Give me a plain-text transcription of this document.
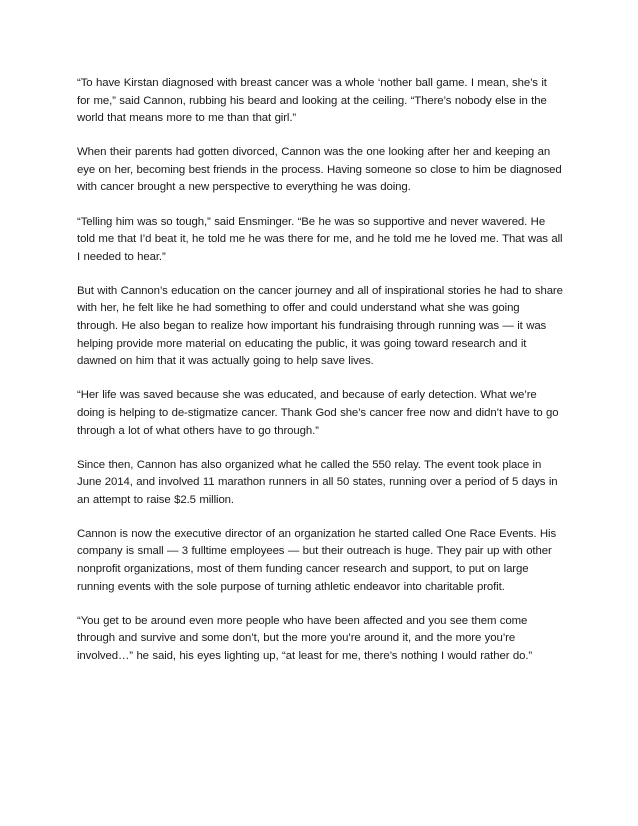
“To have Kirstan diagnosed with breast cancer was a whole ‘nother ball game. I mean, she’s it for me,” said Cannon, rubbing his beard and looking at the ceiling. “There’s nobody else in the world that means more to me than that girl.”

When their parents had gotten divorced, Cannon was the one looking after her and keeping an eye on her, becoming best friends in the process. Having someone so close to him be diagnosed with cancer brought a new perspective to everything he was doing.

“Telling him was so tough,” said Ensminger. “Be he was so supportive and never wavered. He told me that I’d beat it, he told me he was there for me, and he told me he loved me. That was all I needed to hear.”

But with Cannon’s education on the cancer journey and all of inspirational stories he had to share with her, he felt like he had something to offer and could understand what she was going through. He also began to realize how important his fundraising through running was — it was helping provide more material on educating the public, it was going toward research and it dawned on him that it was actually going to help save lives.

“Her life was saved because she was educated, and because of early detection. What we’re doing is helping to de-stigmatize cancer. Thank God she’s cancer free now and didn’t have to go through a lot of what others have to go through.”

Since then, Cannon has also organized what he called the 550 relay. The event took place in June 2014, and involved 11 marathon runners in all 50 states, running over a period of 5 days in an attempt to raise $2.5 million.

Cannon is now the executive director of an organization he started called One Race Events. His company is small — 3 fulltime employees — but their outreach is huge. They pair up with other nonprofit organizations, most of them funding cancer research and support, to put on large running events with the sole purpose of turning athletic endeavor into charitable profit.

“You get to be around even more people who have been affected and you see them come through and survive and some don’t, but the more you’re around it, and the more you’re involved…” he said, his eyes lighting up, “at least for me, there’s nothing I would rather do.”
